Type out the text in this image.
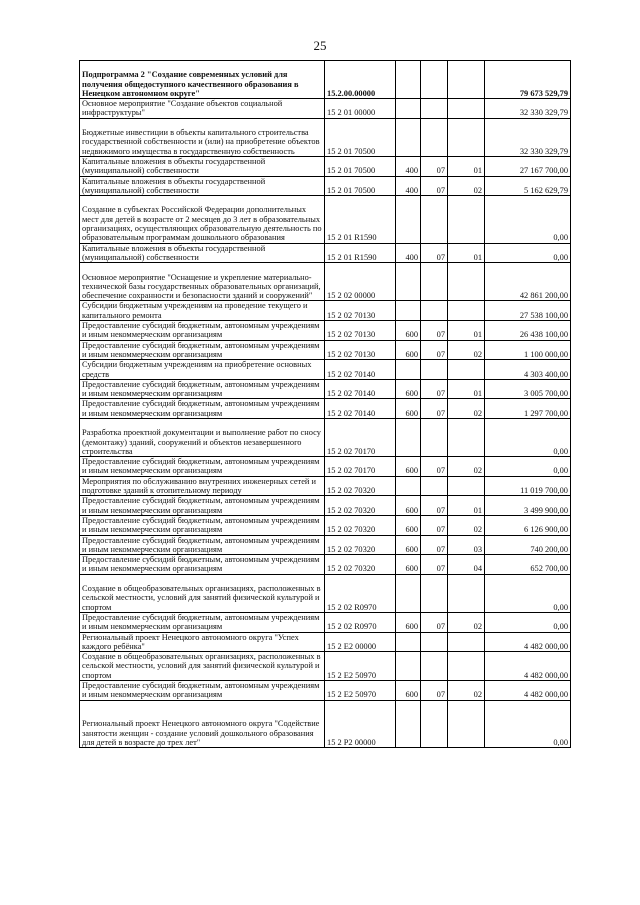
25
Подпрограмма 2 "Создание современных условий для получения общедоступного качественного образования в Ненецком автономном округе"	15.2.00.00000				79 673 529,79
Основное мероприятие "Создание объектов социальной инфраструктуры"	15 2 01 00000				32 330 329,79
Бюджетные инвестиции в объекты капитального строительства государственной собственности и (или) на приобретение объектов недвижимого имущества в государственную собственность	15 2 01 70500				32 330 329,79
Капитальные вложения в объекты государственной (муниципальной) собственности	15 2 01 70500	400	07	01	27 167 700,00
Капитальные вложения в объекты государственной (муниципальной) собственности	15 2 01 70500	400	07	02	5 162 629,79
Создание в субъектах Российской Федерации дополнительных мест для детей в возрасте от 2 месяцев до 3 лет в образовательных организациях, осуществляющих образовательную деятельность по образовательным программам дошкольного образования	15 2 01 R1590				0,00
Капитальные вложения в объекты государственной (муниципальной) собственности	15 2 01 R1590	400	07	01	0,00
Основное мероприятие "Оснащение и укрепление материально-технической базы государственных образовательных организаций, обеспечение сохранности и безопасности зданий и сооружений"	15 2 02 00000				42 861 200,00
Субсидии бюджетным учреждениям на проведение текущего и капитального ремонта	15 2 02 70130				27 538 100,00
Предоставление субсидий бюджетным, автономным учреждениям и иным некоммерческим организациям	15 2 02 70130	600	07	01	26 438 100,00
Предоставление субсидий бюджетным, автономным учреждениям и иным некоммерческим организациям	15 2 02 70130	600	07	02	1 100 000,00
Субсидии бюджетным учреждениям на приобретение основных средств	15 2 02 70140				4 303 400,00
Предоставление субсидий бюджетным, автономным учреждениям и иным некоммерческим организациям	15 2 02 70140	600	07	01	3 005 700,00
Предоставление субсидий бюджетным, автономным учреждениям и иным некоммерческим организациям	15 2 02 70140	600	07	02	1 297 700,00
Разработка проектной документации и выполнение работ по сносу (демонтажу) зданий, сооружений и объектов незавершенного строительства	15 2 02 70170				0,00
Предоставление субсидий бюджетным, автономным учреждениям и иным некоммерческим организациям	15 2 02 70170	600	07	02	0,00
Мероприятия по обслуживанию внутренних инженерных сетей и подготовке зданий к отопительному периоду	15 2 02 70320				11 019 700,00
Предоставление субсидий бюджетным, автономным учреждениям и иным некоммерческим организациям	15 2 02 70320	600	07	01	3 499 900,00
Предоставление субсидий бюджетным, автономным учреждениям и иным некоммерческим организациям	15 2 02 70320	600	07	02	6 126 900,00
Предоставление субсидий бюджетным, автономным учреждениям и иным некоммерческим организациям	15 2 02 70320	600	07	03	740 200,00
Предоставление субсидий бюджетным, автономным учреждениям и иным некоммерческим организациям	15 2 02 70320	600	07	04	652 700,00
Создание в общеобразовательных организациях, расположенных в сельской местности, условий для занятий физической культурой и спортом	15 2 02 R0970				0,00
Предоставление субсидий бюджетным, автономным учреждениям и иным некоммерческим организациям	15 2 02 R0970	600	07	02	0,00
Региональный проект Ненецкого автономного округа "Успех каждого ребёнка"	15 2 E2 00000				4 482 000,00
Создание в общеобразовательных организациях, расположенных в сельской местности, условий для занятий физической культурой и спортом	15 2 E2 50970				4 482 000,00
Предоставление субсидий бюджетным, автономным учреждениям и иным некоммерческим организациям	15 2 E2 50970	600	07	02	4 482 000,00
Региональный проект Ненецкого автономного округа "Содействие занятости женщин - создание условий дошкольного образования для детей в возрасте до трех лет"	15 2 P2 00000				0,00
